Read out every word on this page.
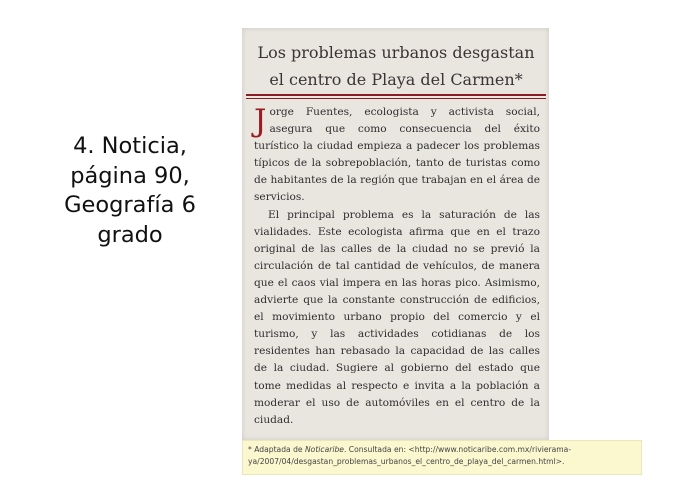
4. Noticia,
página 90,
Geografía 6
grado
Los problemas urbanos desgastan
el centro de Playa del Carmen*

Jorge Fuentes, ecologista y activista social, asegura que como consecuencia del éxito turístico la ciudad empieza a padecer los problemas típicos de la sobrepoblación, tanto de turistas como de habitantes de la región que trabajan en el área de servicios.

El principal problema es la saturación de las vialidades. Este ecologista afirma que en el trazo original de las calles de la ciudad no se previó la circulación de tal cantidad de vehículos, de manera que el caos vial impera en las horas pico. Asimismo, advierte que la constante construcción de edificios, el movimiento urbano propio del comercio y el turismo, y las actividades cotidianas de los residentes han rebasado la capacidad de las calles de la ciudad. Sugiere al gobierno del estado que tome medidas al respecto e invita a la población a moderar el uso de automóviles en el centro de la ciudad.

* Adaptada de Noticaribe. Consultada en: <http://www.noticaribe.com.mx/rivierama-
ya/2007/04/desgastan_problemas_urbanos_el_centro_de_playa_del_carmen.html>.
